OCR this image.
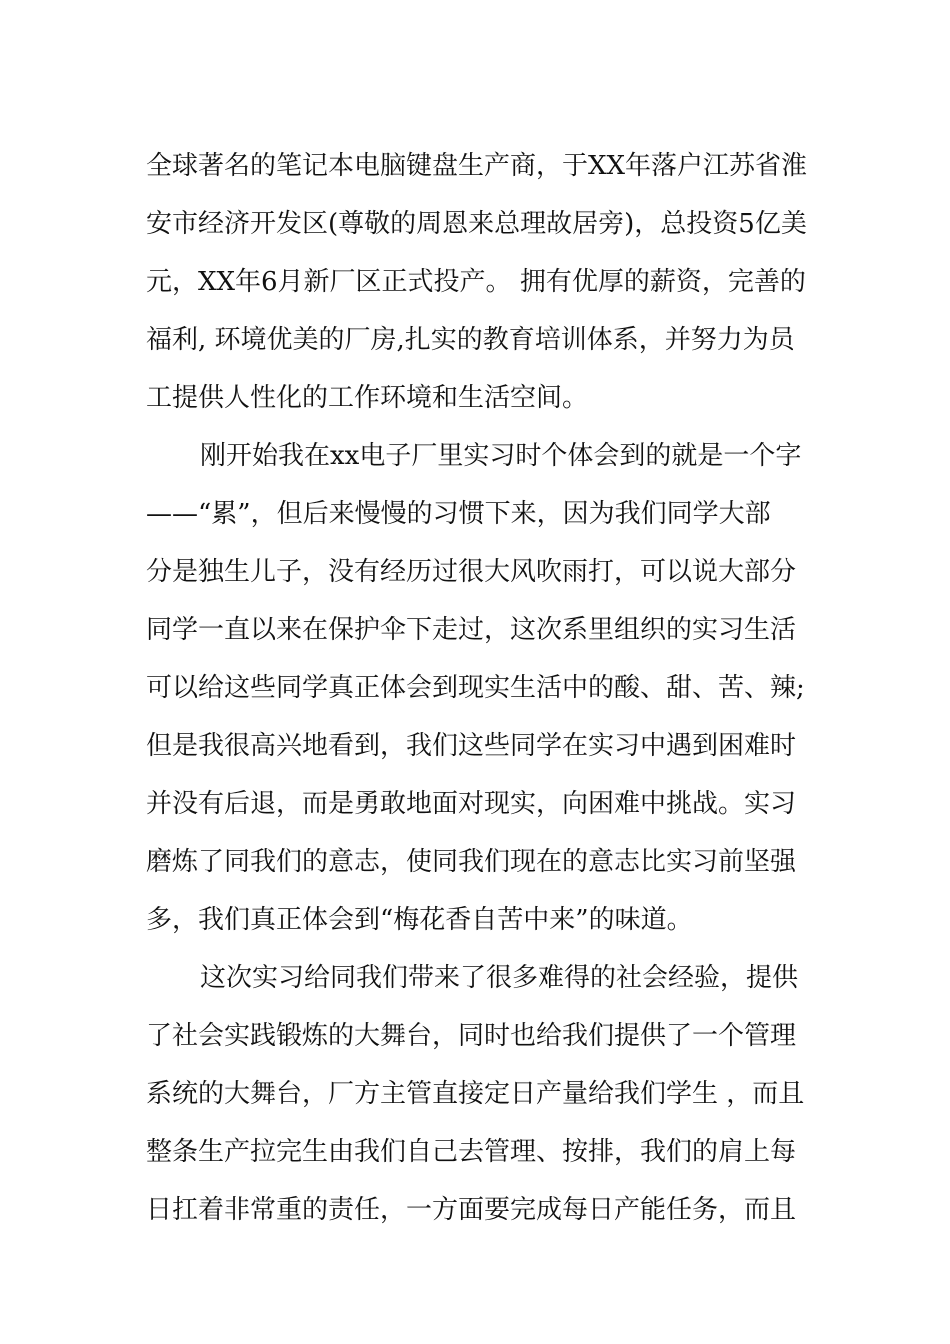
全球著名的笔记本电脑键盘生产商，于XX年落户江苏省淮
安市经济开发区(尊敬的周恩来总理故居旁)，总投资5亿美
元，XX年6月新厂区正式投产。 拥有优厚的薪资，完善的
福利, 环境优美的厂房,扎实的教育培训体系，并努力为员
工提供人性化的工作环境和生活空间。
刚开始我在xx电子厂里实习时个体会到的就是一个字
——“累”，但后来慢慢的习惯下来，因为我们同学大部
分是独生儿子，没有经历过很大风吹雨打，可以说大部分
同学一直以来在保护伞下走过，这次系里组织的实习生活
可以给这些同学真正体会到现实生活中的酸、甜、苦、辣;
但是我很高兴地看到，我们这些同学在实习中遇到困难时
并没有后退，而是勇敢地面对现实，向困难中挑战。实习
磨炼了同我们的意志，使同我们现在的意志比实习前坚强
多，我们真正体会到“梅花香自苦中来”的味道。
这次实习给同我们带来了很多难得的社会经验，提供
了社会实践锻炼的大舞台，同时也给我们提供了一个管理
系统的大舞台，厂方主管直接定日产量给我们学生 ，而且
整条生产拉完生由我们自己去管理、按排，我们的肩上每
日扛着非常重的责任，一方面要完成每日产能任务，而且
